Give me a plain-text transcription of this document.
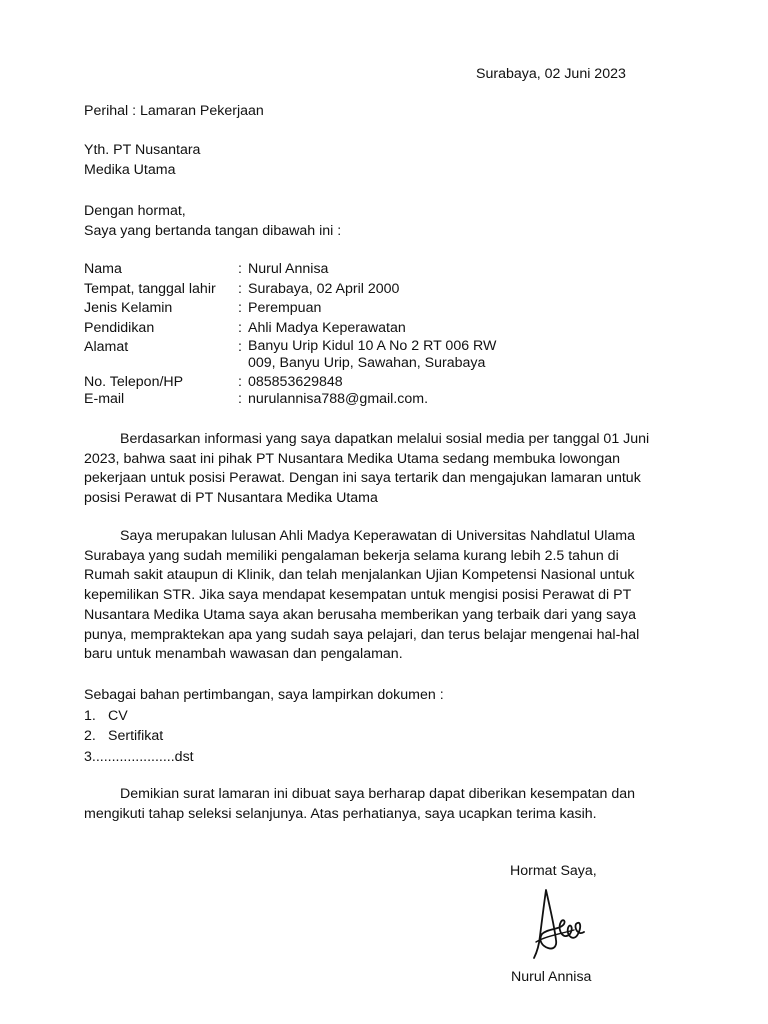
Surabaya, 02 Juni 2023
Perihal : Lamaran Pekerjaan
Yth. PT Nusantara
Medika Utama
Dengan hormat,
Saya yang bertanda tangan dibawah ini :
Nama	: Nurul Annisa
Tempat, tanggal lahir : Surabaya, 02 April 2000
Jenis Kelamin	: Perempuan
Pendidikan	: Ahli Madya Keperawatan
Alamat	: Banyu Urip Kidul 10 A No 2 RT 006 RW
009, Banyu Urip, Sawahan, Surabaya
No. Telepon/HP	: 085853629848
E-mail	: nurulannisa788@gmail.com.
Berdasarkan informasi yang saya dapatkan melalui sosial media per tanggal 01 Juni
2023, bahwa saat ini pihak PT Nusantara Medika Utama sedang membuka lowongan
pekerjaan untuk posisi Perawat. Dengan ini saya tertarik dan mengajukan lamaran untuk
posisi Perawat di PT Nusantara Medika Utama
Saya merupakan lulusan Ahli Madya Keperawatan di Universitas Nahdlatul Ulama
Surabaya yang sudah memiliki pengalaman bekerja selama kurang lebih 2.5 tahun di
Rumah sakit ataupun di Klinik, dan telah menjalankan Ujian Kompetensi Nasional untuk
kepemilikan STR. Jika saya mendapat kesempatan untuk mengisi posisi Perawat di PT
Nusantara Medika Utama saya akan berusaha memberikan yang terbaik dari yang saya
punya, mempraktekan apa yang sudah saya pelajari, dan terus belajar mengenai hal-hal
baru untuk menambah wawasan dan pengalaman.
Sebagai bahan pertimbangan, saya lampirkan dokumen :
1. CV
2. Sertifikat
3.....................dst
Demikian surat lamaran ini dibuat saya berharap dapat diberikan kesempatan dan
mengikuti tahap seleksi selanjunya. Atas perhatianya, saya ucapkan terima kasih.
Hormat Saya,
Nurul Annisa
